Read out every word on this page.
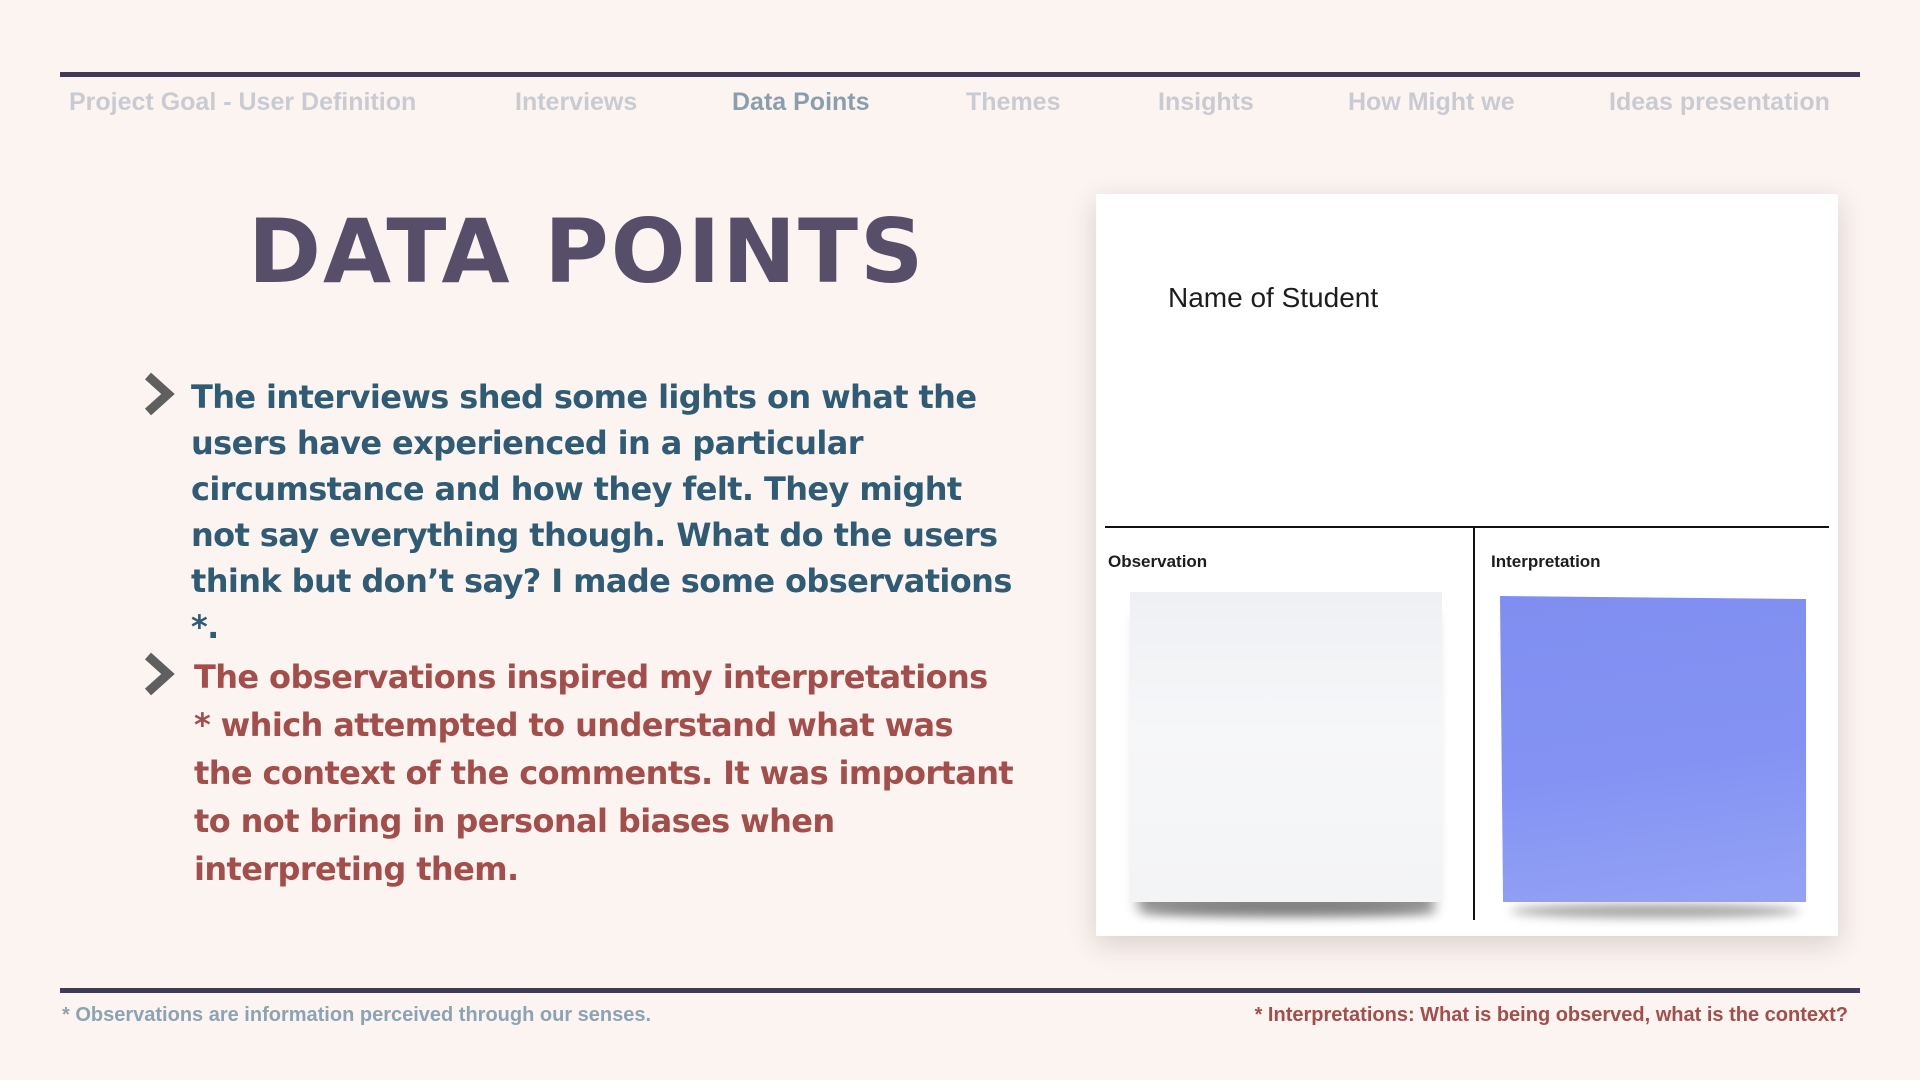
Project Goal - User Definition	Interviews	Data Points	Themes	Insights	How Might we	Ideas presentation
DATA POINTS
The interviews shed some lights on what the users have experienced in a particular circumstance and how they felt. They might not say everything though. What do the users think but don’t say? I made some observations *.
The observations inspired my interpretations * which attempted to understand what was the context of the comments. It was important to not bring in personal biases when interpreting them.
Name of Student
Observation	Interpretation
* Observations are information perceived through our senses.	* Interpretations: What is being observed, what is the context?
